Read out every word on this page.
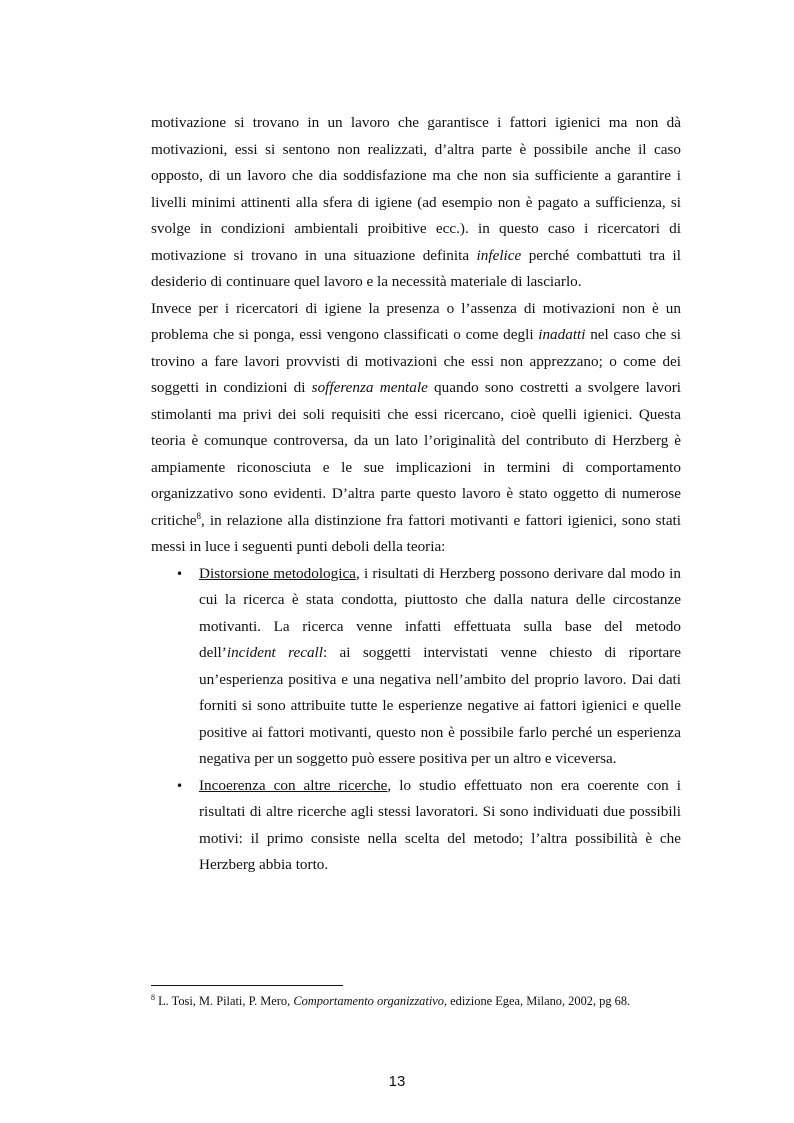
motivazione si trovano in un lavoro che garantisce i fattori igienici ma non dà motivazioni, essi si sentono non realizzati, d’altra parte è possibile anche il caso opposto, di un lavoro che dia soddisfazione ma che non sia sufficiente a garantire i livelli minimi attinenti alla sfera di igiene (ad esempio non è pagato a sufficienza, si svolge in condizioni ambientali proibitive ecc.). in questo caso i ricercatori di motivazione si trovano in una situazione definita infelice perché combattuti tra il desiderio di continuare quel lavoro e la necessità materiale di lasciarlo.

Invece per i ricercatori di igiene la presenza o l’assenza di motivazioni non è un problema che si ponga, essi vengono classificati o come degli inadatti nel caso che si trovino a fare lavori provvisti di motivazioni che essi non apprezzano; o come dei soggetti in condizioni di sofferenza mentale quando sono costretti a svolgere lavori stimolanti ma privi dei soli requisiti che essi ricercano, cioè quelli igienici. Questa teoria è comunque controversa, da un lato l’originalità del contributo di Herzberg è ampiamente riconosciuta e le sue implicazioni in termini di comportamento organizzativo sono evidenti. D’altra parte questo lavoro è stato oggetto di numerose critiche$^8$, in relazione alla distinzione fra fattori motivanti e fattori igienici, sono stati messi in luce i seguenti punti deboli della teoria:

• Distorsione metodologica, i risultati di Herzberg possono derivare dal modo in cui la ricerca è stata condotta, piuttosto che dalla natura delle circostanze motivanti. La ricerca venne infatti effettuata sulla base del metodo dell’incident recall: ai soggetti intervistati venne chiesto di riportare un’esperienza positiva e una negativa nell’ambito del proprio lavoro. Dai dati forniti si sono attribuite tutte le esperienze negative ai fattori igienici e quelle positive ai fattori motivanti, questo non è possibile farlo perché un esperienza negativa per un soggetto può essere positiva per un altro e viceversa.
• Incoerenza con altre ricerche, lo studio effettuato non era coerente con i risultati di altre ricerche agli stessi lavoratori. Si sono individuati due possibili motivi: il primo consiste nella scelta del metodo; l’altra possibilità è che Herzberg abbia torto.
$^8$ L. Tosi, M. Pilati, P. Mero, Comportamento organizzativo, edizione Egea, Milano, 2002, pg 68.
13
